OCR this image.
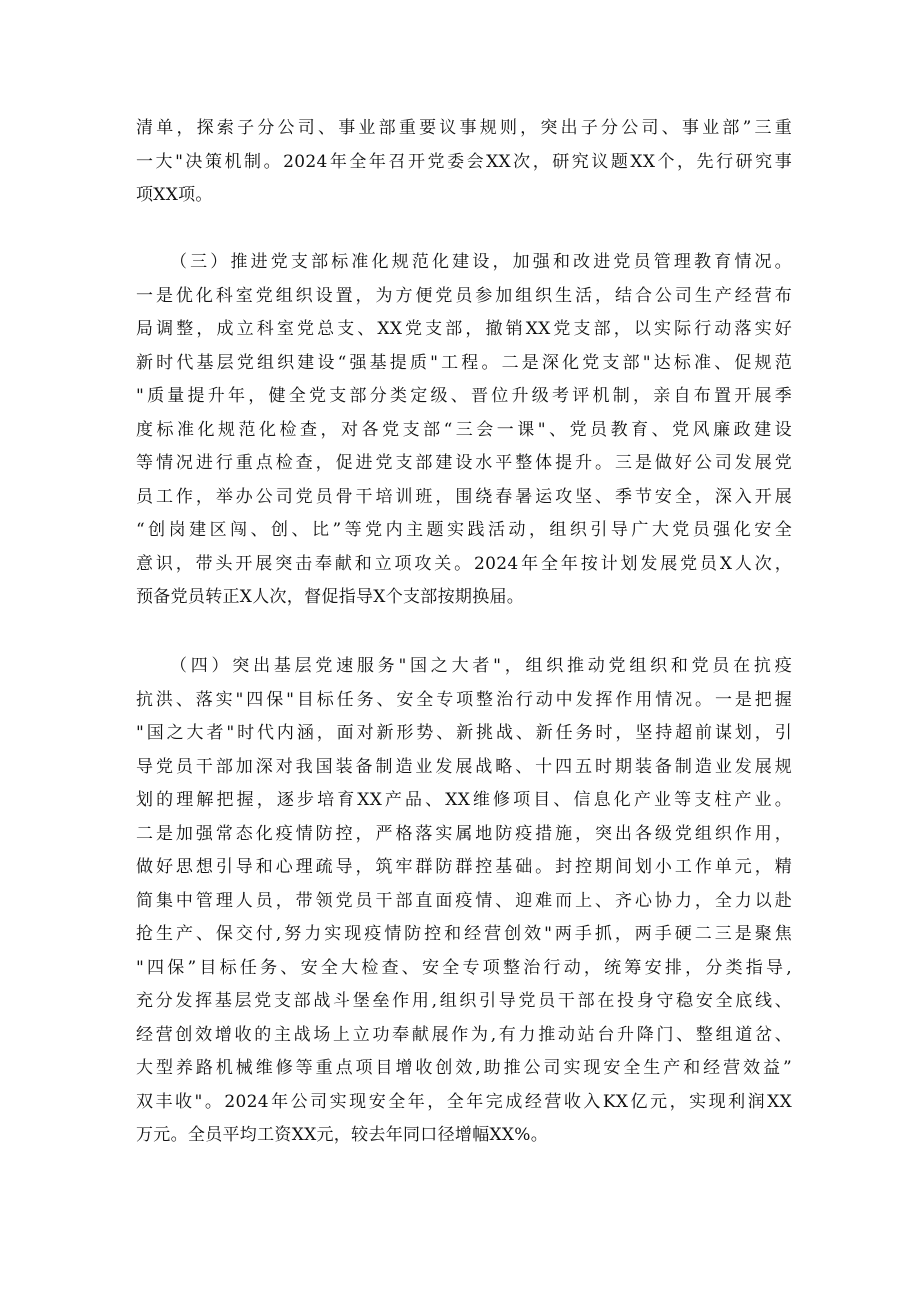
清单，探索子分公司、事业部重要议事规则，突出子分公司、事业部”三重
一大"决策机制。2024年全年召开党委会XX次，研究议题XX个，先行研究事
项XX项。
（三）推进党支部标准化规范化建设，加强和改进党员管理教育情况。
一是优化科室党组织设置，为方便党员参加组织生活，结合公司生产经营布
局调整，成立科室党总支、XX党支部，撤销XX党支部，以实际行动落实好
新时代基层党组织建设“强基提质"工程。二是深化党支部"达标准、促规范
"质量提升年，健全党支部分类定级、晋位升级考评机制，亲自布置开展季
度标准化规范化检查，对各党支部“三会一课"、党员教育、党风廉政建设
等情况进行重点检查，促进党支部建设水平整体提升。三是做好公司发展党
员工作，举办公司党员骨干培训班，围绕春暑运攻坚、季节安全，深入开展
“创岗建区闯、创、比”等党内主题实践活动，组织引导广大党员强化安全
意识，带头开展突击奉献和立项攻关。2024年全年按计划发展党员X人次，
预备党员转正X人次，督促指导X个支部按期换届。
（四）突出基层党速服务"国之大者"，组织推动党组织和党员在抗疫
抗洪、落实"四保"目标任务、安全专项整治行动中发挥作用情况。一是把握
"国之大者"时代内涵，面对新形势、新挑战、新任务时，坚持超前谋划，引
导党员干部加深对我国装备制造业发展战略、十四五时期装备制造业发展规
划的理解把握，逐步培育XX产品、XX维修项目、信息化产业等支柱产业。
二是加强常态化疫情防控，严格落实属地防疫措施，突出各级党组织作用，
做好思想引导和心理疏导，筑牢群防群控基础。封控期间划小工作单元，精
简集中管理人员，带领党员干部直面疫情、迎难而上、齐心协力，全力以赴
抢生产、保交付,努力实现疫情防控和经营创效"两手抓，两手硬二三是聚焦
"四保”目标任务、安全大检查、安全专项整治行动，统筹安排，分类指导,
充分发挥基层党支部战斗堡垒作用,组织引导党员干部在投身守稳安全底线、
经营创效增收的主战场上立功奉献展作为,有力推动站台升降门、整组道岔、
大型养路机械维修等重点项目增收创效,助推公司实现安全生产和经营效益”
双丰收"。2024年公司实现安全年，全年完成经营收入KX亿元，实现利润XX
万元。全员平均工资XX元，较去年同口径增幅XX%。
